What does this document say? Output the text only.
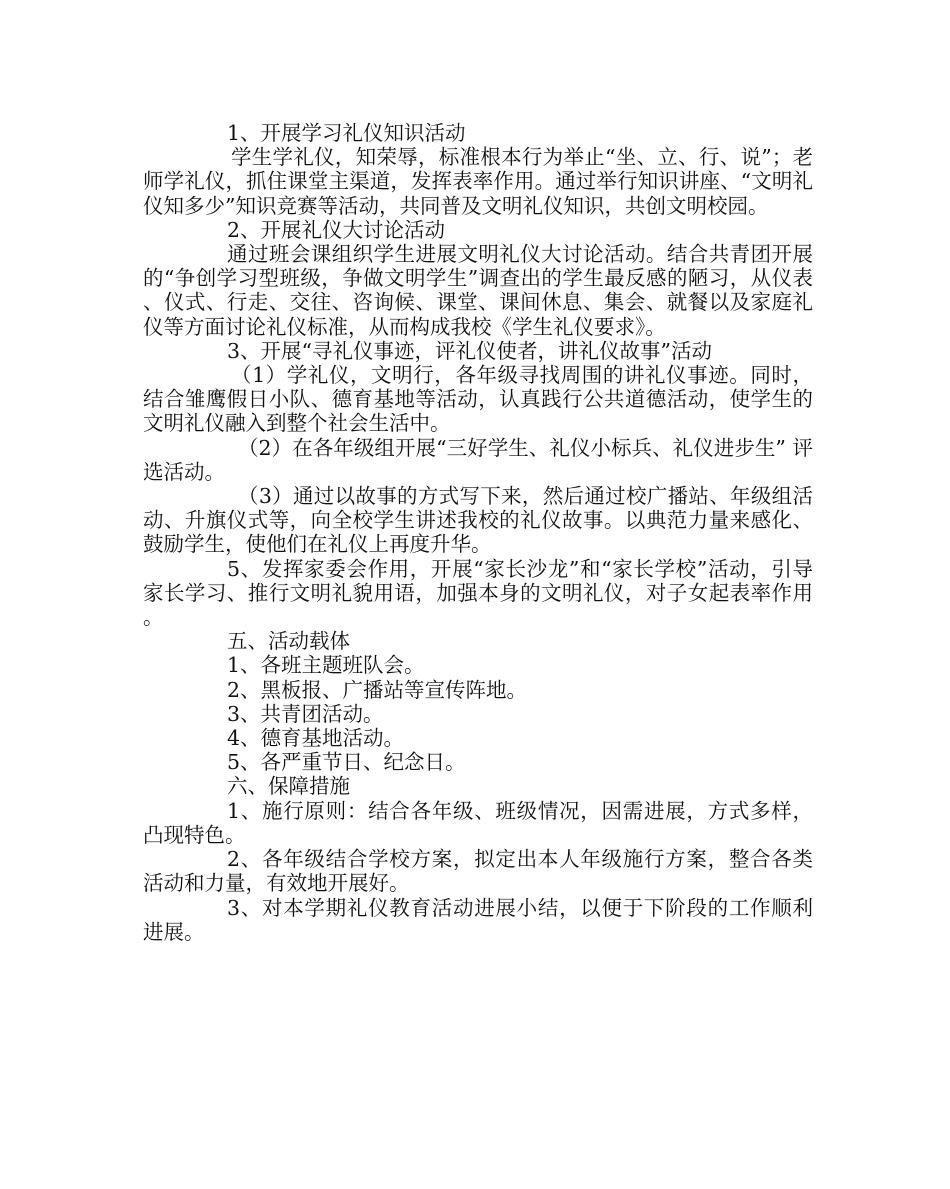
1、开展学习礼仪知识活动

学生学礼仪，知荣辱，标准根本行为举止“坐、立、行、说”；老师学礼仪，抓住课堂主渠道，发挥表率作用。通过举行知识讲座、“文明礼仪知多少”知识竞赛等活动，共同普及文明礼仪知识，共创文明校园。

2、开展礼仪大讨论活动

通过班会课组织学生进展文明礼仪大讨论活动。结合共青团开展的“争创学习型班级，争做文明学生”调查出的学生最反感的陋习，从仪表、仪式、行走、交往、咨询候、课堂、课间休息、集会、就餐以及家庭礼仪等方面讨论礼仪标准，从而构成我校《学生礼仪要求》。

3、开展“寻礼仪事迹，评礼仪使者，讲礼仪故事”活动

（1）学礼仪，文明行，各年级寻找周围的讲礼仪事迹。同时，结合雏鹰假日小队、德育基地等活动，认真践行公共道德活动，使学生的文明礼仪融入到整个社会生活中。

（2）在各年级组开展“三好学生、礼仪小标兵、礼仪进步生” 评选活动。

（3）通过以故事的方式写下来，然后通过校广播站、年级组活动、升旗仪式等，向全校学生讲述我校的礼仪故事。以典范力量来感化、鼓励学生，使他们在礼仪上再度升华。

5、发挥家委会作用，开展“家长沙龙”和“家长学校”活动，引导家长学习、推行文明礼貌用语，加强本身的文明礼仪，对子女起表率作用。

五、活动载体

1、各班主题班队会。

2、黑板报、广播站等宣传阵地。

3、共青团活动。

4、德育基地活动。

5、各严重节日、纪念日。

六、保障措施

1、施行原则：结合各年级、班级情况，因需进展，方式多样，凸现特色。

2、各年级结合学校方案，拟定出本人年级施行方案，整合各类活动和力量，有效地开展好。

3、对本学期礼仪教育活动进展小结，以便于下阶段的工作顺利进展。
